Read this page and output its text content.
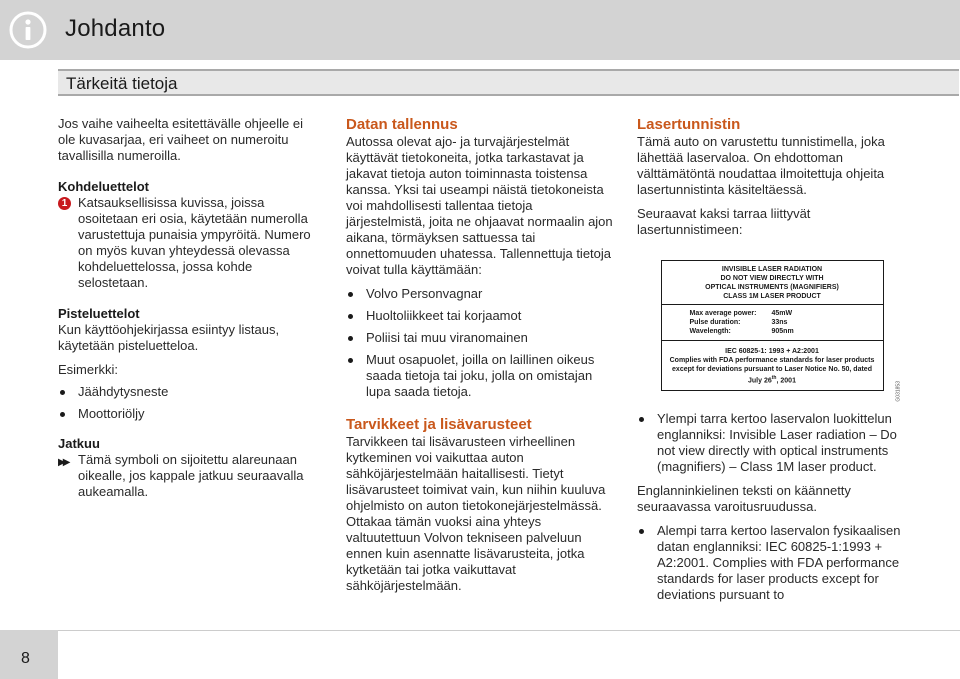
Johdanto
Tärkeitä tietoja

Jos vaihe vaiheelta esitettävälle ohjeelle ei ole kuvasarjaa, eri vaiheet on numeroitu tavallisilla numeroilla.

Kohdeluettelot

1 Katsauksellisissa kuvissa, joissa osoitetaan eri osia, käytetään numerolla varustettuja punaisia ympyröitä. Numero on myös kuvan yhteydessä olevassa kohdeluettelossa, jossa kohde selostetaan.

Pisteluettelot

Kun käyttöohjekirjassa esiintyy listaus, käytetään pisteluetteloa.

Esimerkki:

Jäähdytysneste
Moottoriöljy

Jatkuu

▶▶ Tämä symboli on sijoitettu alareunaan oikealle, jos kappale jatkuu seuraavalla aukeamalla.

Datan tallennus

Autossa olevat ajo- ja turvajärjestelmät käyttävät tietokoneita, jotka tarkastavat ja jakavat tietoja auton toiminnasta toistensa kanssa. Yksi tai useampi näistä tietokoneista voi mahdollisesti tallentaa tietoja järjestelmistä, joita ne ohjaavat normaalin ajon aikana, törmäyksen sattuessa tai onnettomuuden uhatessa. Tallennettuja tietoja voivat tulla käyttämään:

Volvo Personvagnar
Huoltoliikkeet tai korjaamot
Poliisi tai muu viranomainen
Muut osapuolet, joilla on laillinen oikeus saada tietoja tai joku, jolla on omistajan lupa saada tietoja.

Tarvikkeet ja lisävarusteet

Tarvikkeen tai lisävarusteen virheellinen kytkeminen voi vaikuttaa auton sähköjärjestelmään haitallisesti. Tietyt lisävarusteet toimivat vain, kun niihin kuuluva ohjelmisto on auton tietokonejärjestelmässä. Ottakaa tämän vuoksi aina yhteys valtuutettuun Volvon tekniseen palveluun ennen kuin asennatte lisävarusteita, jotka kytketään tai jotka vaikuttavat sähköjärjestelmään.

Lasertunnistin

Tämä auto on varustettu tunnistimella, joka lähettää laservaloa. On ehdottoman välttämätöntä noudattaa ilmoitettuja ohjeita lasertunnistinta käsiteltäessä.

Seuraavat kaksi tarraa liittyvät lasertunnistimeen:

INVISIBLE LASER RADIATION
DO NOT VIEW DIRECTLY WITH
OPTICAL INSTRUMENTS (MAGNIFIERS)
CLASS 1M LASER PRODUCT
Max average power:	45mW
Pulse duration:	33ns
Wavelength:	905nm
IEC 60825-1: 1993 + A2:2001
Complies with FDA performance standards for laser products
except for deviations pursuant to Laser Notice No. 50, dated
July 26th, 2001
G031853
Ylempi tarra kertoo laservalon luokittelun englanniksi: Invisible Laser radiation – Do not view directly with optical instruments (magnifiers) – Class 1M laser product.

Englanninkielinen teksti on käännetty seuraavassa varoitusruudussa.

Alempi tarra kertoo laservalon fysikaalisen datan englanniksi: IEC 60825-1:1993 + A2:2001. Complies with FDA performance standards for laser products except for deviations pursuant to
8
